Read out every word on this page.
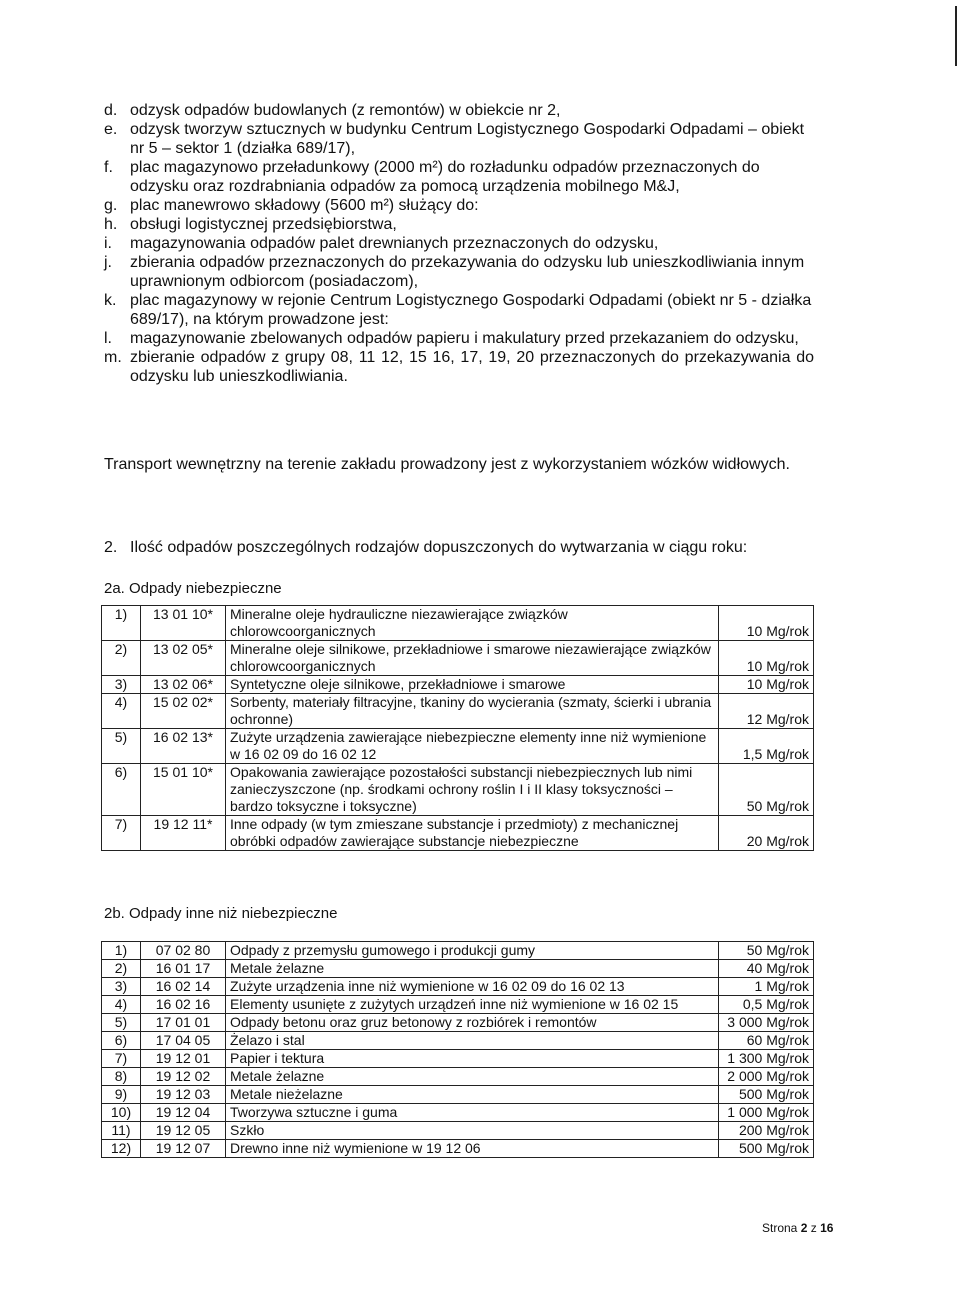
d. odzysk odpadów budowlanych (z remontów) w obiekcie nr 2,
e. odzysk tworzyw sztucznych w budynku Centrum Logistycznego Gospodarki Odpadami – obiekt nr 5 – sektor 1 (działka 689/17),
f.	plac magazynowo przeładunkowy (2000 m²) do rozładunku odpadów przeznaczonych do odzysku oraz rozdrabniania odpadów za pomocą urządzenia mobilnego M&J,
g. plac manewrowo składowy (5600 m²) służący do:
h. obsługi logistycznej przedsiębiorstwa,
i.	magazynowania odpadów palet drewnianych przeznaczonych do odzysku,
j.	zbierania odpadów przeznaczonych do przekazywania do odzysku lub unieszkodliwiania innym uprawnionym odbiorcom (posiadaczom),
k. plac magazynowy w rejonie Centrum Logistycznego Gospodarki Odpadami (obiekt nr 5 - działka 689/17), na którym prowadzone jest:
l.	magazynowanie zbelowanych odpadów papieru i makulatury przed przekazaniem do odzysku,
m. zbieranie odpadów z grupy 08, 11 12, 15 16, 17, 19, 20 przeznaczonych do przekazywania do odzysku lub unieszkodliwiania.
Transport wewnętrzny na terenie zakładu prowadzony jest z wykorzystaniem wózków widłowych.
2. Ilość odpadów poszczególnych rodzajów dopuszczonych do wytwarzania w ciągu roku:
2a. Odpady niebezpieczne
1)	13 01 10*	Mineralne oleje hydrauliczne niezawierające związków chlorowcoorganicznych	10 Mg/rok
2)	13 02 05*	Mineralne oleje silnikowe, przekładniowe i smarowe niezawierające związków chlorowcoorganicznych	10 Mg/rok
3)	13 02 06*	Syntetyczne oleje silnikowe, przekładniowe i smarowe	10 Mg/rok
4)	15 02 02*	Sorbenty, materiały filtracyjne, tkaniny do wycierania (szmaty, ścierki i ubrania ochronne)	12 Mg/rok
5)	16 02 13*	Zużyte urządzenia zawierające niebezpieczne elementy inne niż wymienione w 16 02 09 do 16 02 12	1,5 Mg/rok
6)	15 01 10*	Opakowania zawierające pozostałości substancji niebezpiecznych lub nimi zanieczyszczone (np. środkami ochrony roślin I i II klasy toksyczności – bardzo toksyczne i toksyczne)	50 Mg/rok
7)	19 12 11*	Inne odpady (w tym zmieszane substancje i przedmioty) z mechanicznej obróbki odpadów zawierające substancje niebezpieczne	20 Mg/rok
2b. Odpady inne niż niebezpieczne
1)	07 02 80	Odpady z przemysłu gumowego i produkcji gumy	50 Mg/rok
2)	16 01 17	Metale żelazne	40 Mg/rok
3)	16 02 14	Zużyte urządzenia inne niż wymienione w 16 02 09 do 16 02 13	1 Mg/rok
4)	16 02 16	Elementy usunięte z zużytych urządzeń inne niż wymienione w 16 02 15	0,5 Mg/rok
5)	17 01 01	Odpady betonu oraz gruz betonowy z rozbiórek i remontów	3 000 Mg/rok
6)	17 04 05	Żelazo i stal	60 Mg/rok
7)	19 12 01	Papier i tektura	1 300 Mg/rok
8)	19 12 02	Metale żelazne	2 000 Mg/rok
9)	19 12 03	Metale nieżelazne	500 Mg/rok
10)	19 12 04	Tworzywa sztuczne i guma	1 000 Mg/rok
11)	19 12 05	Szkło	200 Mg/rok
12)	19 12 07	Drewno inne niż wymienione w 19 12 06	500 Mg/rok
Strona 2 z 16
